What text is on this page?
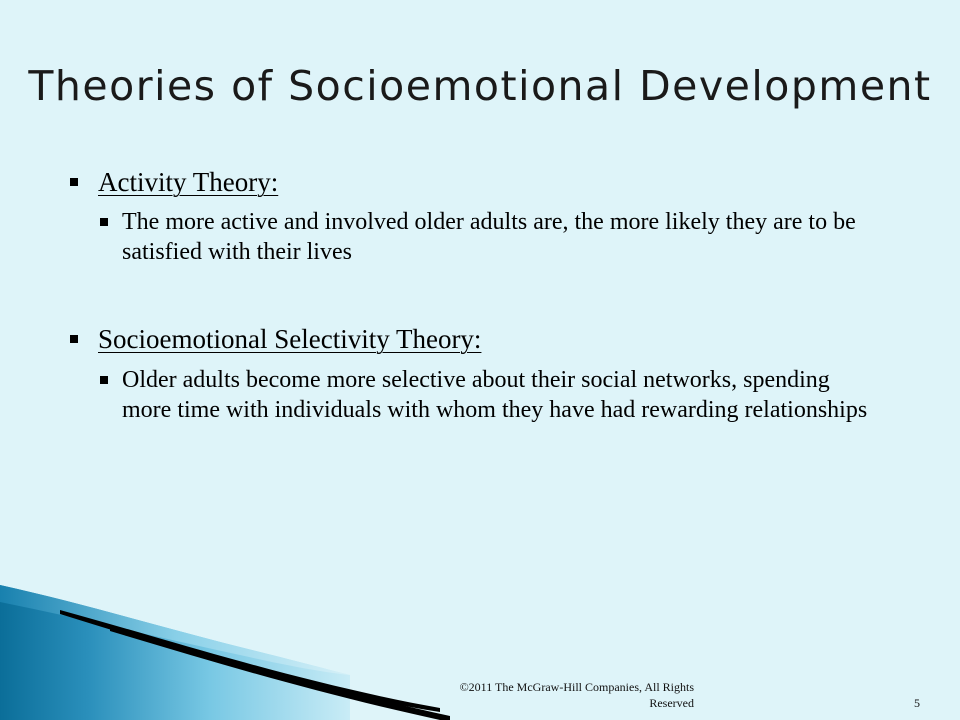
Theories of Socioemotional Development
Activity Theory:
The more active and involved older adults are, the more likely they are to be satisfied with their lives
Socioemotional Selectivity Theory:
Older adults become more selective about their social networks, spending more time with individuals with whom they have had rewarding relationships
©2011 The McGraw-Hill Companies, All Rights Reserved	5
